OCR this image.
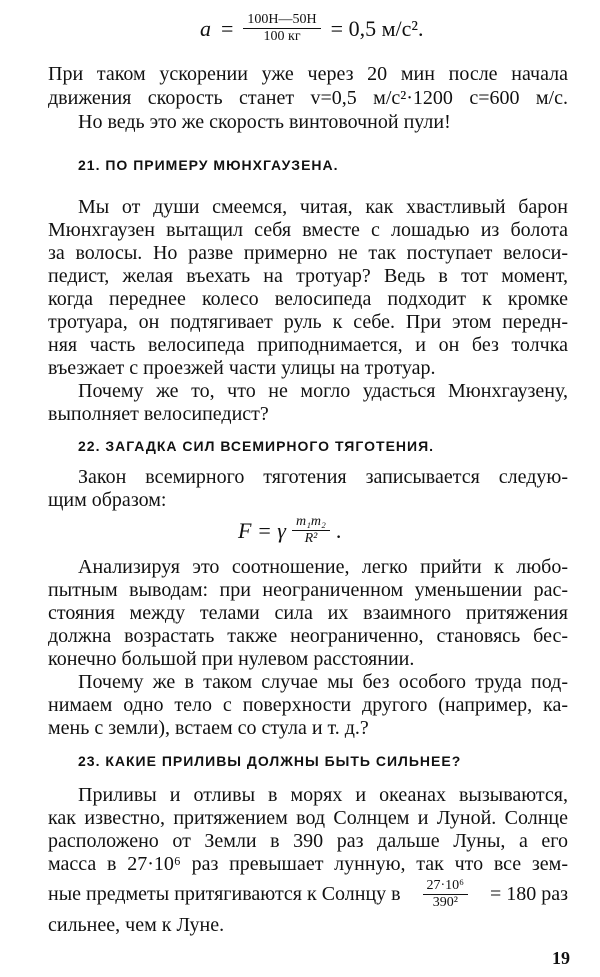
$a = \frac{100Н—50Н}{100 кг} = 0,5$ м/с².
При таком ускорении уже через 20 мин после начала
движения скорость станет v=0,5 м/с²·1200 с=600 м/с.
Но ведь это же скорость винтовочной пули!
21. ПО ПРИМЕРУ МЮНХГАУЗЕНА.
Мы от души смеемся, читая, как хвастливый барон
Мюнхгаузен вытащил себя вместе с лошадью из болота
за волосы. Но разве примерно не так поступает велоси-
педист, желая въехать на тротуар? Ведь в тот момент,
когда переднее колесо велосипеда подходит к кромке
тротуара, он подтягивает руль к себе. При этом передн-
няя часть велосипеда приподнимается, и он без толчка
въезжает с проезжей части улицы на тротуар.
Почему же то, что не могло удасться Мюнхгаузену,
выполняет велосипедист?
22. ЗАГАДКА СИЛ ВСЕМИРНОГО ТЯГОТЕНИЯ.
Закон всемирного тяготения записывается следую-
щим образом:
F = γ $\frac{\text{m₁m₂}}{\text{R²}}$ .
Анализируя это соотношение, легко прийти к любо-
пытным выводам: при неограниченном уменьшении рас-
стояния между телами сила их взаимного притяжения
должна возрастать также неограниченно, становясь бес-
конечно большой при нулевом расстоянии.
Почему же в таком случае мы без особого труда под-
нимаем одно тело с поверхности другого (например, ка-
мень с земли), встаем со стула и т. д.?
23. КАКИЕ ПРИЛИВЫ ДОЛЖНЫ БЫТЬ СИЛЬНЕЕ?
Приливы и отливы в морях и океанах вызываются,
как известно, притяжением вод Солнцем и Луной. Солнце
расположено от Земли в 390 раз дальше Луны, а его
масса в 27·10⁶ раз превышает лунную, так что все зем-
ные предметы притягиваются к Солнцу в $\frac{\text{27·10⁶}}{\text{390²}} = 180$ раз
сильнее, чем к Луне.
19
